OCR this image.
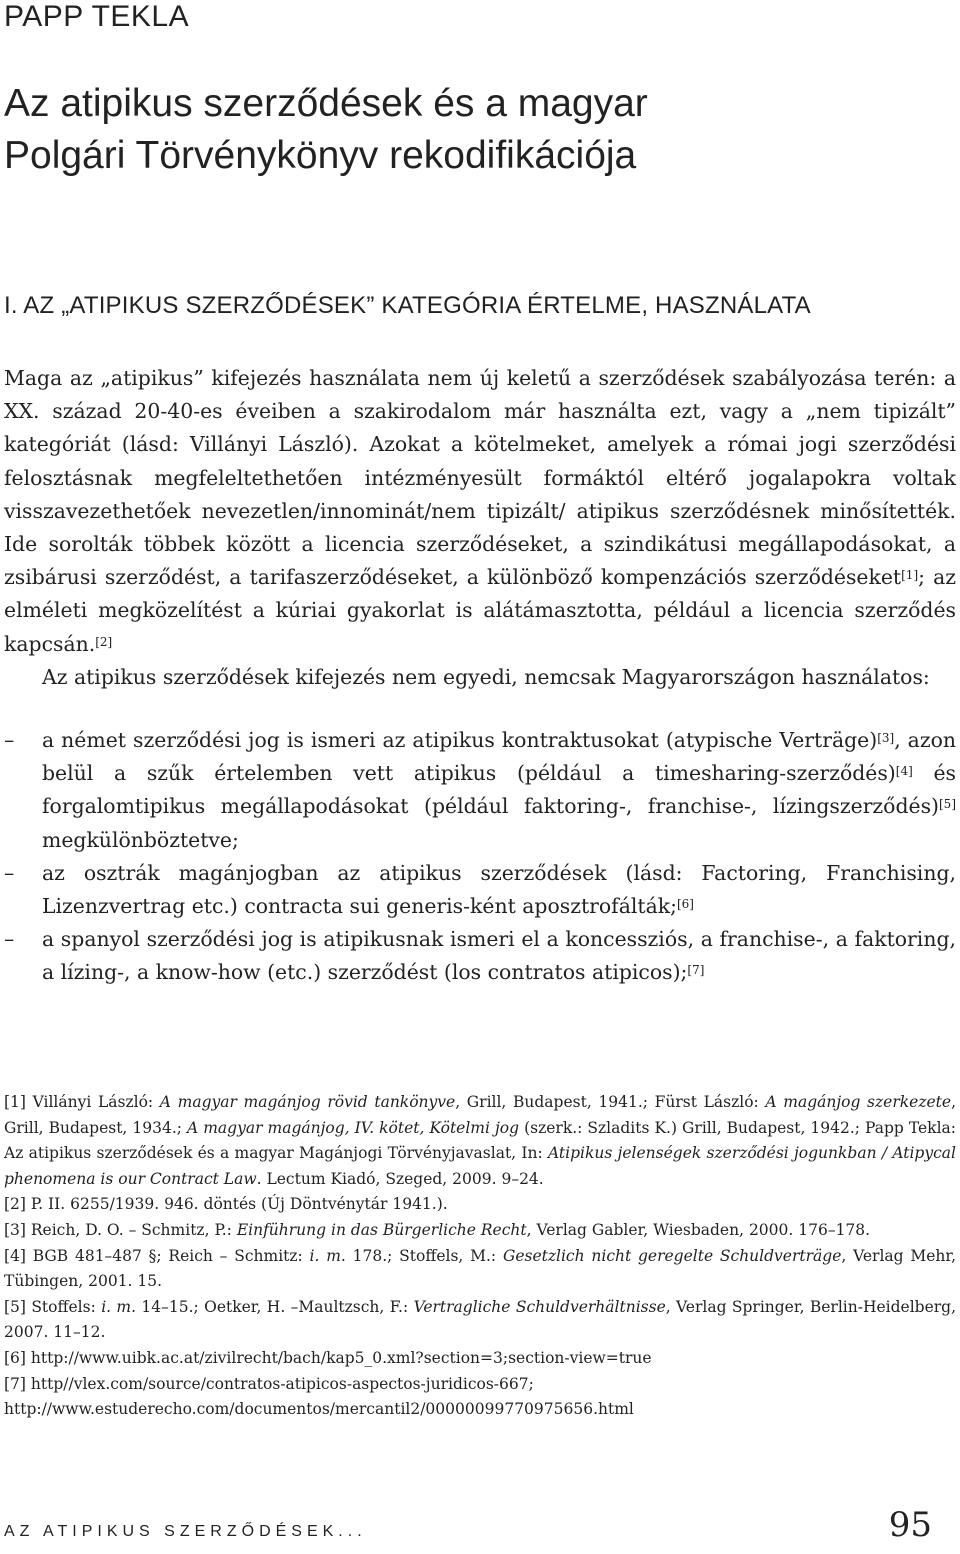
PAPP TEKLA
Az atipikus szerződések és a magyar
Polgári Törvénykönyv rekodifikációja
I. AZ „ATIPIKUS SZERZŐDÉSEK” KATEGÓRIA ÉRTELME, HASZNÁLATA

Maga az „atipikus” kifejezés használata nem új keletű a szerződések szabályozása terén: a XX. század 20-40-es éveiben a szakirodalom már használta ezt, vagy a „nem tipizált” kategóriát (lásd: Villányi László). Azokat a kötelmeket, amelyek a római jogi szerződési felosztásnak megfeleltethetően intézményesült formáktól eltérő jogalapokra voltak visszavezethetőek nevezetlen/innominát/nem tipizált/ atipikus szerződésnek minősítették. Ide sorolták többek között a licencia szerződéseket, a szindikátusi megállapodásokat, a zsibárusi szerződést, a tarifaszerződéseket, a különböző kompenzációs szerződéseket[1]; az elméleti megközelítést a kúriai gyakorlat is alátámasztotta, például a licencia szerződés kapcsán.[2]

Az atipikus szerződések kifejezés nem egyedi, nemcsak Magyarországon használatos:

– a német szerződési jog is ismeri az atipikus kontraktusokat (atypische Verträge)[3], azon belül a szűk értelemben vett atipikus (például a timesharing-szerződés)[4] és forgalomtipikus megállapodásokat (például faktoring-, franchise-, lízingszerződés)[5] megkülönböztetve;
– az osztrák magánjogban az atipikus szerződések (lásd: Factoring, Franchising, Lizenzvertrag etc.) contracta sui generis-ként aposztrofálták;[6]
– a spanyol szerződési jog is atipikusnak ismeri el a koncessziós, a franchise-, a faktoring, a lízing-, a know-how (etc.) szerződést (los contratos atipicos);[7]

[1] Villányi László: A magyar magánjog rövid tankönyve, Grill, Budapest, 1941.; Fürst László: A magánjog szerkezete, Grill, Budapest, 1934.; A magyar magánjog, IV. kötet, Kötelmi jog (szerk.: Szladits K.) Grill, Budapest, 1942.; Papp Tekla: Az atipikus szerződések és a magyar Magánjogi Törvényjavaslat, In: Atipikus jelenségek szerződési jogunkban / Atipycal phenomena is our Contract Law. Lectum Kiadó, Szeged, 2009. 9–24.

[2] P. II. 6255/1939. 946. döntés (Új Döntvénytár 1941.).

[3] Reich, D. O. – Schmitz, P.: Einführung in das Bürgerliche Recht, Verlag Gabler, Wiesbaden, 2000. 176–178.

[4] BGB 481–487 §; Reich – Schmitz: i. m. 178.; Stoffels, M.: Gesetzlich nicht geregelte Schuldverträge, Verlag Mehr, Tübingen, 2001. 15.

[5] Stoffels: i. m. 14–15.; Oetker, H. –Maultzsch, F.: Vertragliche Schuldverhältnisse, Verlag Springer, Berlin-Heidelberg, 2007. 11–12.

[6] http://www.uibk.ac.at/zivilrecht/bach/kap5_0.xml?section=3;section-view=true

[7] http//vlex.com/source/contratos-atipicos-aspectos-juridicos-667;

http://www.estuderecho.com/documentos/mercantil2/00000099770975656.html

AZ ATIPIKUS SZERZŐDÉSEK...	95
